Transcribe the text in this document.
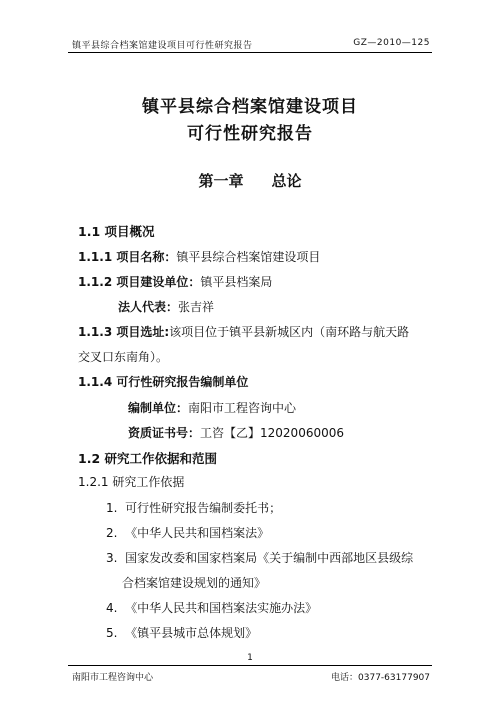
镇平县综合档案馆建设项目可行性研究报告	GZ—2010—125
镇平县综合档案馆建设项目
可行性研究报告
第一章 总论
1.1 项目概况
1.1.1 项目名称：镇平县综合档案馆建设项目
1.1.2 项目建设单位：镇平县档案局
法人代表：张吉祥
1.1.3 项目选址:该项目位于镇平县新城区内（南环路与航天路
交叉口东南角）。
1.1.4 可行性研究报告编制单位
编制单位：南阳市工程咨询中心
资质证书号：工咨【乙】12020060006
1.2 研究工作依据和范围
1.2.1 研究工作依据
1. 可行性研究报告编制委托书；
2. 《中华人民共和国档案法》
3. 国家发改委和国家档案局《关于编制中西部地区县级综
合档案馆建设规划的通知》
4. 《中华人民共和国档案法实施办法》
5. 《镇平县城市总体规划》
1
南阳市工程咨询中心	电话：0377-63177907
